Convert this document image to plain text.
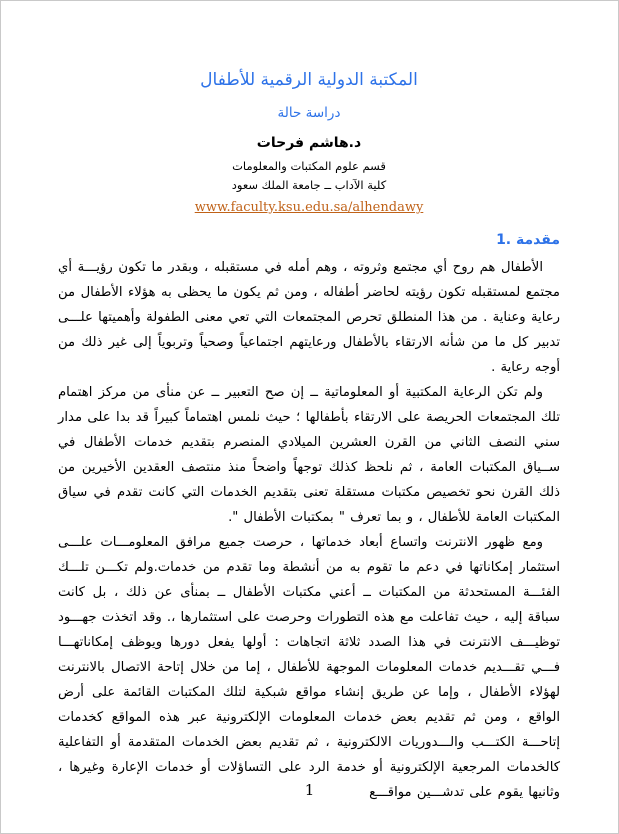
المكتبة الدولية الرقمية للأطفال
دراسة حالة
د.هاشم فرحات
قسم علوم المكتبات والمعلومات
كلية الآداب ــ جامعة الملك سعود
www.faculty.ksu.edu.sa/alhendawy
1. مقدمة

الأطفال هم روح أي مجتمع وثروته ، وهم أمله في مستقبله ، وبقدر ما تكون رؤيـــة أي مجتمع لمستقبله تكون رؤيته لحاضر أطفاله ، ومن ثم يكون ما يحظى به هؤلاء الأطفال من رعاية وعناية . من هذا المنطلق تحرص المجتمعات التي تعي معنى الطفولة وأهميتها علـــى تدبير كل ما من شأنه الارتقاء بالأطفال ورعايتهم اجتماعياً وصحياً وتربوياً إلى غير ذلك من أوجه رعاية .

ولم تكن الرعاية المكتبية أو المعلوماتية ــ إن صح التعبير ــ عن منأى من مركز اهتمام تلك المجتمعات الحريصة على الارتقاء بأطفالها ؛ حيث نلمس اهتماماً كبيراً قد بدا على مدار سني النصف الثاني من القرن العشرين الميلادي المنصرم بتقديم خدمات الأطفال في ســياق المكتبات العامة ، ثم نلحظ كذلك توجهاً واضحاً منذ منتصف العقدين الأخيرين من ذلك القرن نحو تخصيص مكتبات مستقلة تعنى بتقديم الخدمات التي كانت تقدم في سياق المكتبات العامة للأطفال ، و بما تعرف " بمكتبات الأطفال ".

ومع ظهور الانترنت واتساع أبعاد خدماتها ، حرصت جميع مرافق المعلومـــات علـــى استثمار إمكاناتها في دعم ما تقوم به من أنشطة وما تقدم من خدمات.ولم تكـــن تلـــك الفئـــة المستحدثة من المكتبات ــ أعني مكتبات الأطفال ــ بمنأى عن ذلك ، بل كانت سباقة إليه ، حيث تفاعلت مع هذه التطورات وحرصت على استثمارها ،. وقد اتخذت جهـــود توظيـــف الانترنت في هذا الصدد ثلاثة اتجاهات : أولها يفعل دورها ويوظف إمكاناتهـــا فـــي تقـــديم خدمات المعلومات الموجهة للأطفال ، إما من خلال إتاحة الاتصال بالانترنت لهؤلاء الأطفال ، وإما عن طريق إنشاء مواقع شبكية لتلك المكتبات القائمة على أرض الواقع ، ومن ثم تقديم بعض خدمات المعلومات الإلكترونية عبر هذه المواقع كخدمات إتاحـــة الكتـــب والـــدوريات الالكترونية ، ثم تقديم بعض الخدمات المتقدمة أو التفاعلية كالخدمات المرجعية الإلكترونية أو خدمة الرد على التساؤلات أو خدمات الإعارة وغيرها ، وثانيها يقوم على تدشـــين مواقـــع

1
